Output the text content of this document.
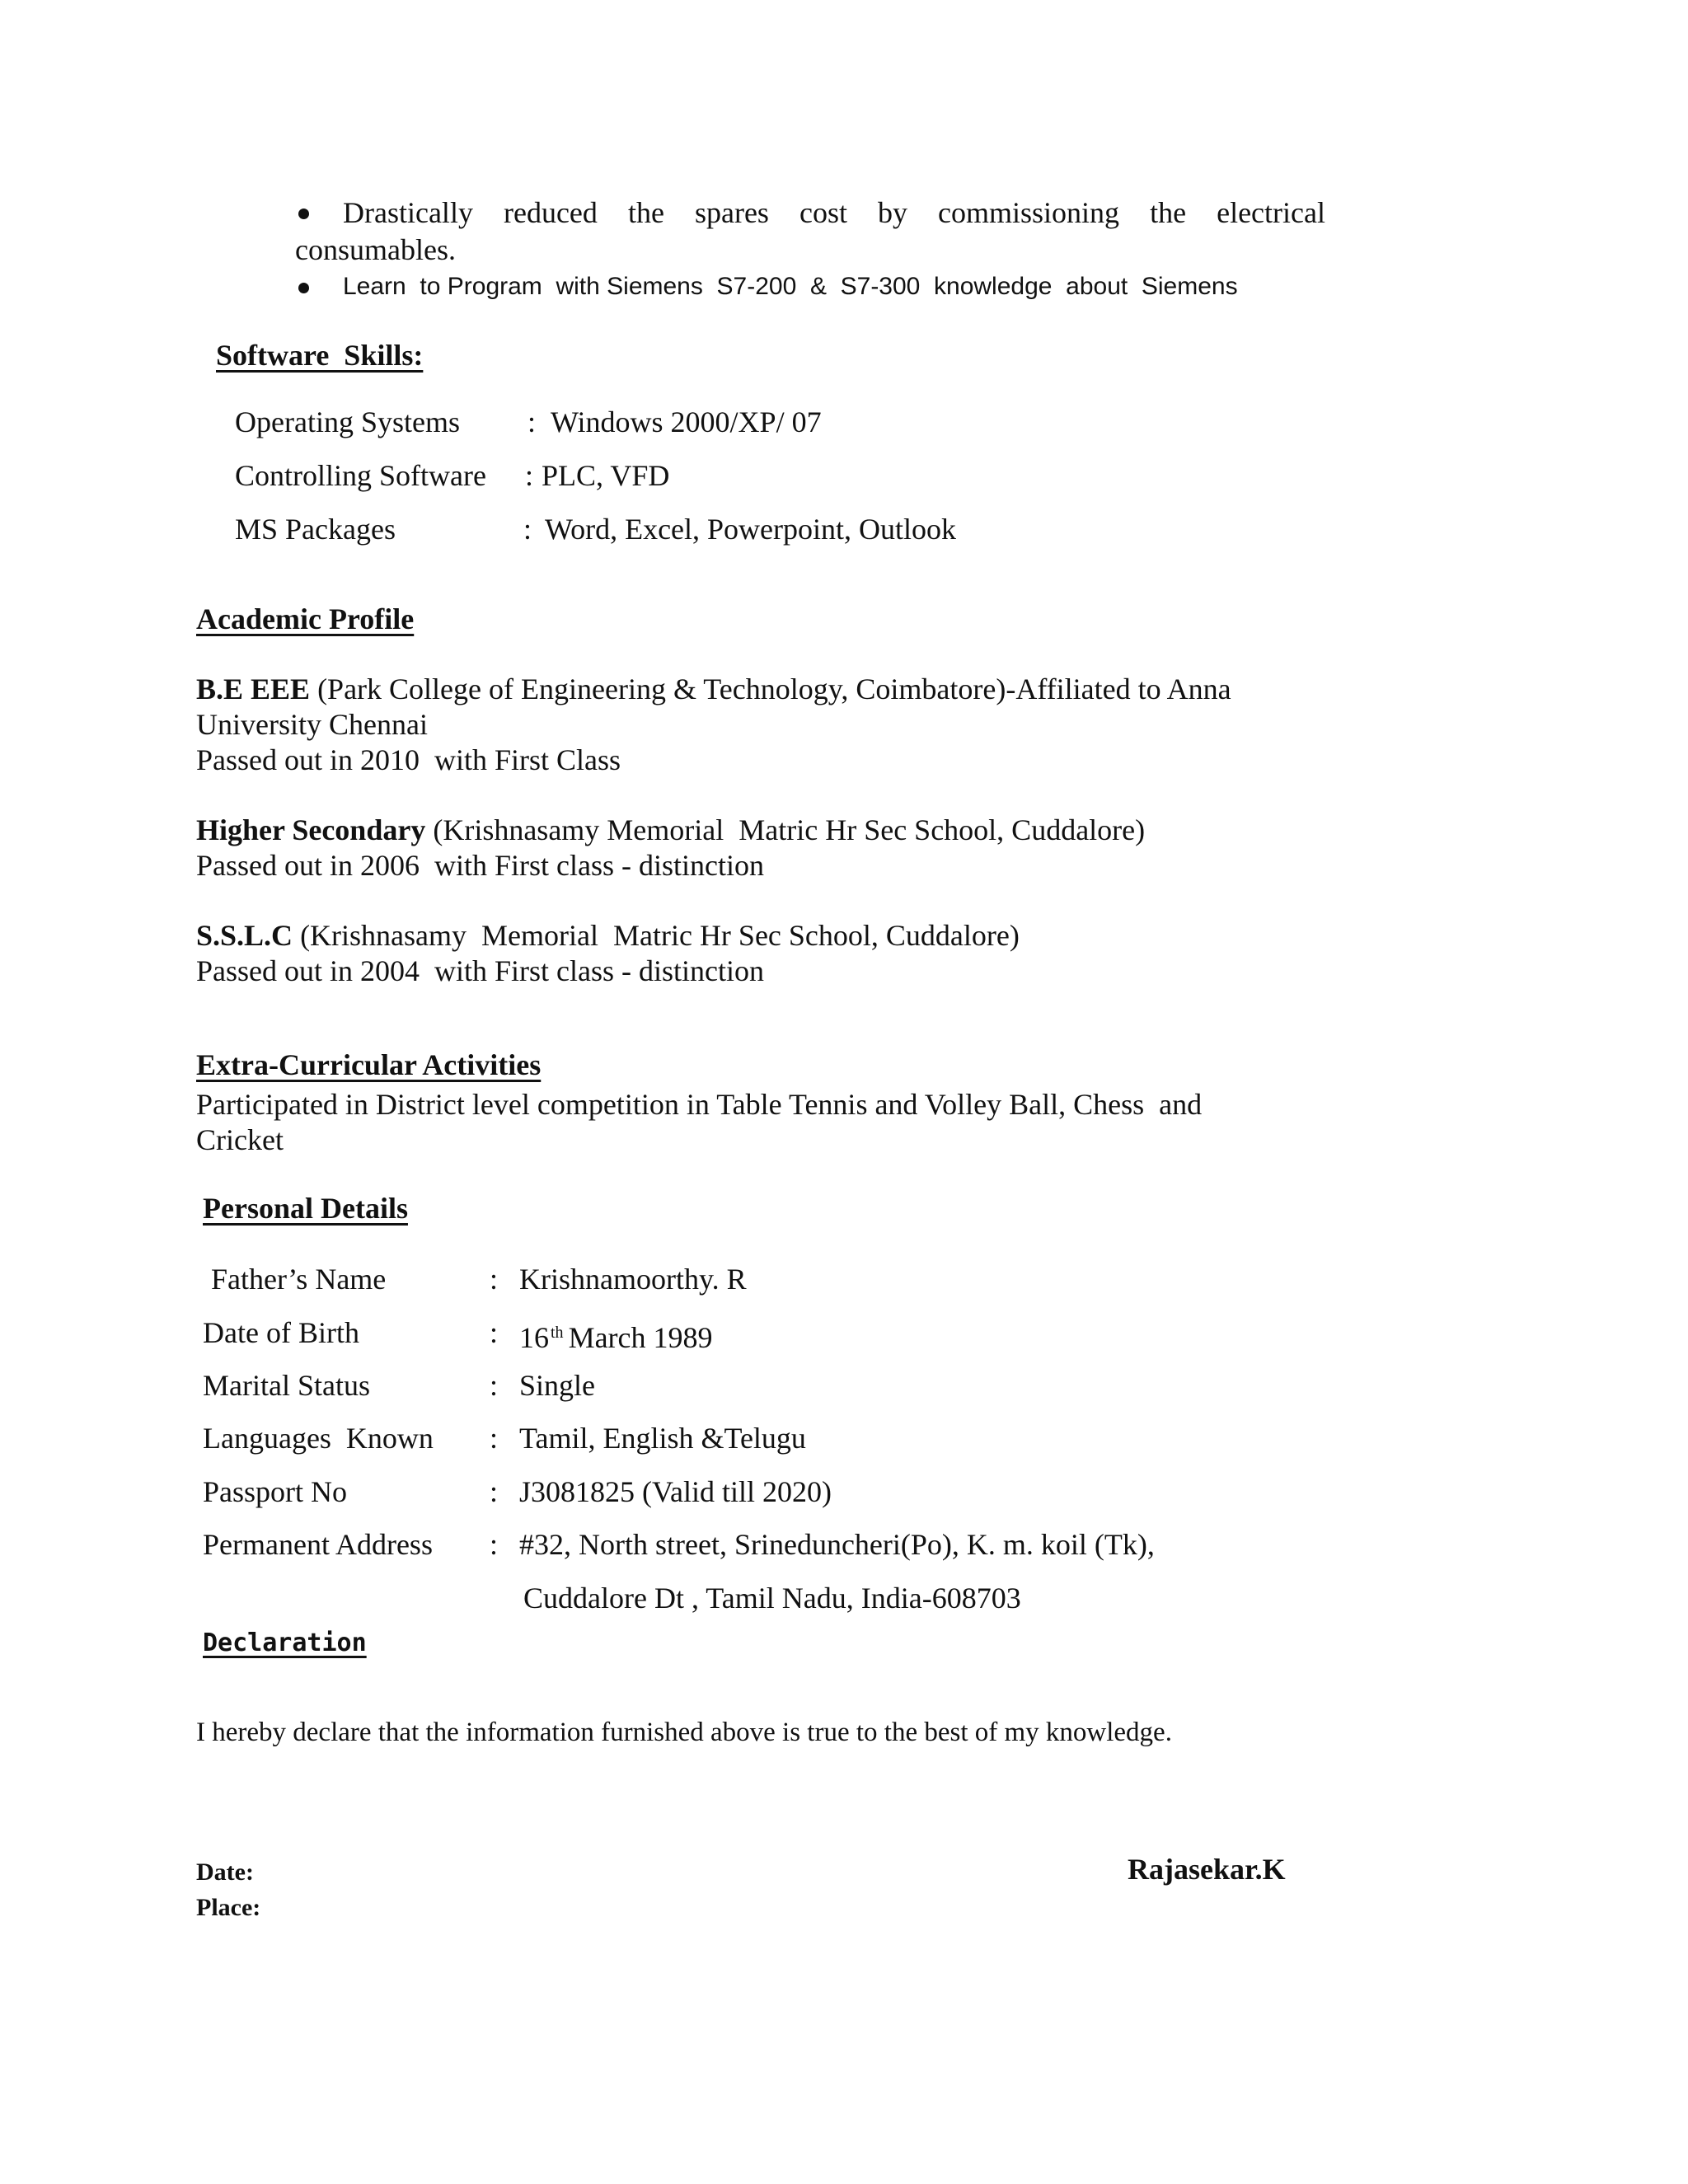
Drastically reduced the spares cost by commissioning the electrical
consumables.
Learn  to Program  with Siemens  S7-200  &  S7-300  knowledge  about  Siemens
Software  Skills:
Operating Systems : Windows 2000/XP/ 07
Controlling Software : PLC, VFD
MS Packages	: Word, Excel, Powerpoint, Outlook
Academic Profile
B.E EEE (Park College of Engineering & Technology, Coimbatore)-Affiliated to Anna
University Chennai
Passed out in 2010  with First Class
Higher Secondary (Krishnasamy Memorial  Matric Hr Sec School, Cuddalore)
Passed out in 2006  with First class - distinction
S.S.L.C (Krishnasamy  Memorial  Matric Hr Sec School, Cuddalore)
Passed out in 2004  with First class - distinction
Extra-Curricular Activities
Participated in District level competition in Table Tennis and Volley Ball, Chess  and
Cricket
Personal Details
Father’s Name	: Krishnamoorthy. R
Date of Birth	: 16 $^{th}$ March 1989
Marital Status	: Single
Languages  Known : Tamil, English &Telugu
Passport No	: J3081825 (Valid till 2020)
Permanent Address : #32, North street, Srineduncheri(Po), K. m. koil (Tk),
Cuddalore Dt , Tamil Nadu, India-608703
Declaration
I hereby declare that the information furnished above is true to the best of my knowledge.
Date:
Place:
Rajasekar.K
